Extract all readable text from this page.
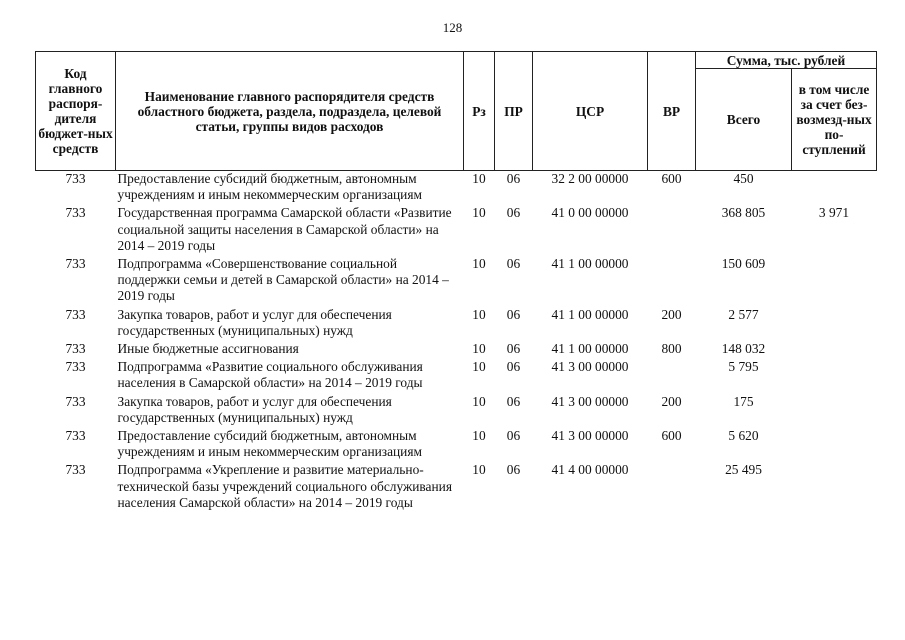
128
Код главного распоря-дителя бюджет-ных средств	Наименование главного распорядителя средств областного бюджета, раздела, подраздела, целевой статьи, группы видов расходов	Рз	ПР	ЦСР	ВР	Сумма, тыс. рублей	
						Всего	в том числе за счет без-возмезд-ных по-ступлений
733	Предоставление субсидий бюджетным, автономным учреждениям и иным некоммерческим организациям	10	06	32 2 00 00000	600	450	
733	Государственная программа Самарской области «Развитие социальной защиты населения в Самарской области» на 2014 – 2019 годы	10	06	41 0 00 00000		368 805	3 971
733	Подпрограмма «Совершенствование социальной поддержки семьи и детей в Самарской области» на 2014 – 2019 годы	10	06	41 1 00 00000		150 609	
733	Закупка товаров, работ и услуг для обеспечения государственных (муниципальных) нужд	10	06	41 1 00 00000	200	2 577	
733	Иные бюджетные ассигнования	10	06	41 1 00 00000	800	148 032	
733	Подпрограмма «Развитие социального обслуживания населения в Самарской области» на 2014 – 2019 годы	10	06	41 3 00 00000		5 795	
733	Закупка товаров, работ и услуг для обеспечения государственных (муниципальных) нужд	10	06	41 3 00 00000	200	175	
733	Предоставление субсидий бюджетным, автономным учреждениям и иным некоммерческим организациям	10	06	41 3 00 00000	600	5 620	
733	Подпрограмма «Укрепление и развитие материально-технической базы учреждений социального обслуживания населения Самарской области» на 2014 – 2019 годы	10	06	41 4 00 00000		25 495	
